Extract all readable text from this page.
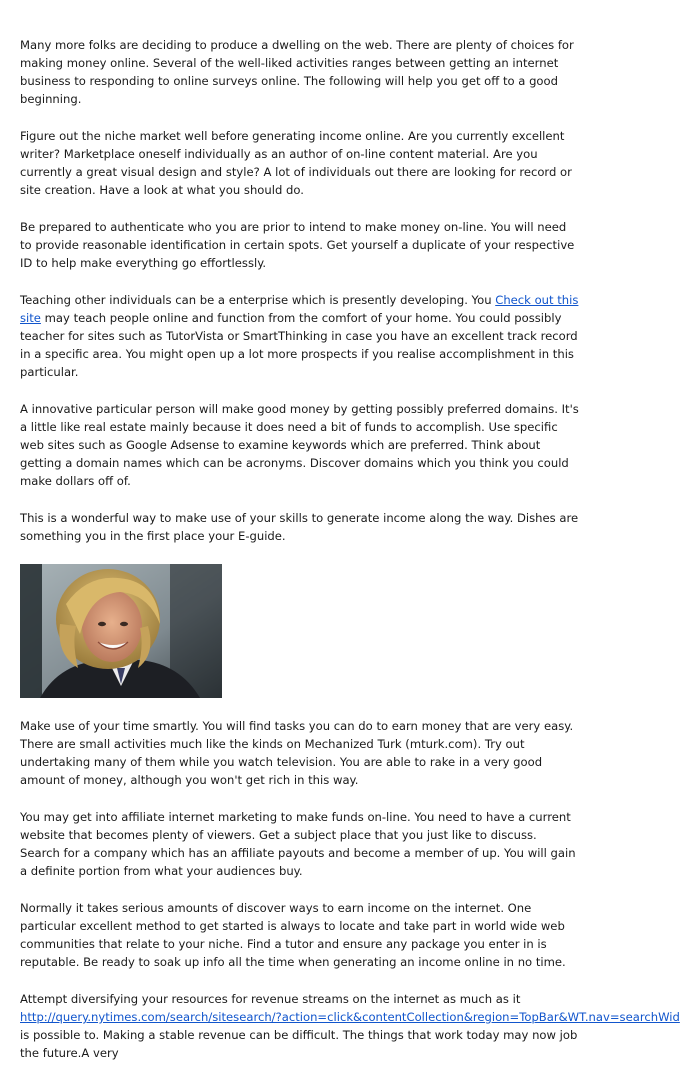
Many more folks are deciding to produce a dwelling on the web. There are plenty of choices for making money online. Several of the well-liked activities ranges between getting an internet business to responding to online surveys online. The following will help you get off to a good beginning.

Figure out the niche market well before generating income online. Are you currently excellent writer? Marketplace oneself individually as an author of on-line content material. Are you currently a great visual design and style? A lot of individuals out there are looking for record or site creation. Have a look at what you should do.

Be prepared to authenticate who you are prior to intend to make money on-line. You will need to provide reasonable identification in certain spots. Get yourself a duplicate of your respective ID to help make everything go effortlessly.

Teaching other individuals can be a enterprise which is presently developing. You Check out this site may teach people online and function from the comfort of your home. You could possibly teacher for sites such as TutorVista or SmartThinking in case you have an excellent track record in a specific area. You might open up a lot more prospects if you realise accomplishment in this particular.

A innovative particular person will make good money by getting possibly preferred domains. It's a little like real estate mainly because it does need a bit of funds to accomplish. Use specific web sites such as Google Adsense to examine keywords which are preferred. Think about getting a domain names which can be acronyms. Discover domains which you think you could make dollars off of.

This is a wonderful way to make use of your skills to generate income along the way. Dishes are something you in the first place your E-guide.

Make use of your time smartly. You will find tasks you can do to earn money that are very easy. There are small activities much like the kinds on Mechanized Turk (mturk.com). Try out undertaking many of them while you watch television. You are able to rake in a very good amount of money, although you won't get rich in this way.

You may get into affiliate internet marketing to make funds on-line. You need to have a current website that becomes plenty of viewers. Get a subject place that you just like to discuss. Search for a company which has an affiliate payouts and become a member of up. You will gain a definite portion from what your audiences buy.

Normally it takes serious amounts of discover ways to earn income on the internet. One particular excellent method to get started is always to locate and take part in world wide web communities that relate to your niche. Find a tutor and ensure any package you enter in is reputable. Be ready to soak up info all the time when generating an income online in no time.

Attempt diversifying your resources for revenue streams on the internet as much as it
http://query.nytimes.com/search/sitesearch/?action=click&contentCollection&region=TopBar&WT.nav=searchWid
is possible to. Making a stable revenue can be difficult. The things that work today may now job the future.A very
